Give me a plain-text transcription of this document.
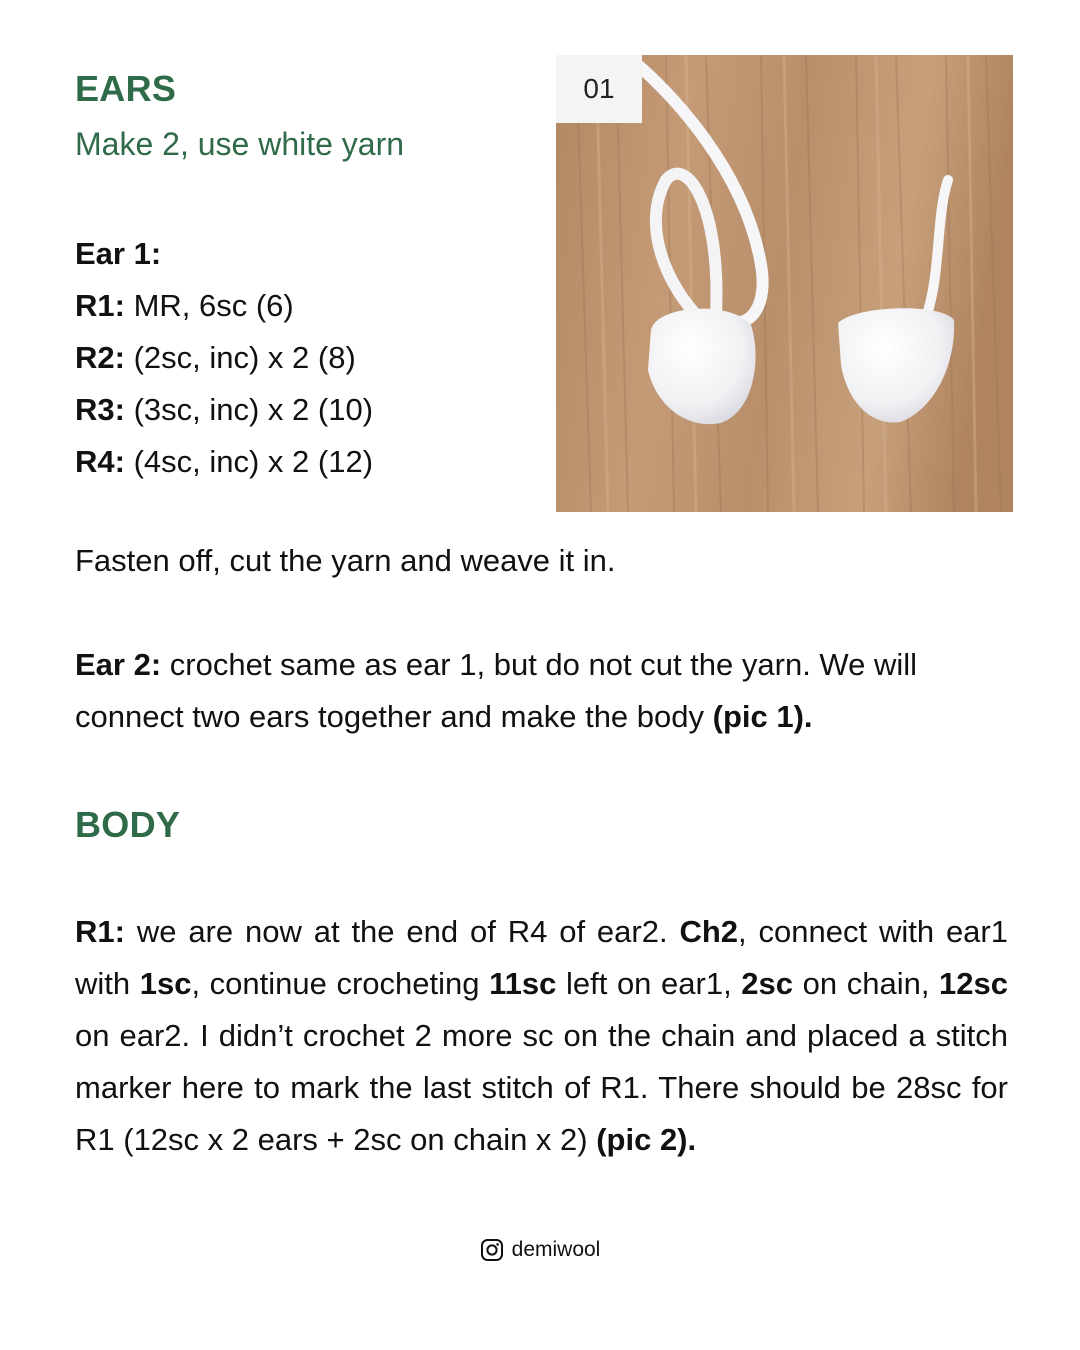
EARS

Make 2, use white yarn

Ear 1:
R1: MR, 6sc (6)
R2: (2sc, inc) x 2 (8)
R3: (3sc, inc) x 2 (10)
R4: (4sc, inc) x 2 (12)
01

Fasten off, cut the yarn and weave it in.

Ear 2: crochet same as ear 1, but do not cut the yarn. We will connect two ears together and make the body (pic 1).

BODY

R1: we are now at the end of R4 of ear2. Ch2, connect with ear1 with 1sc, continue crocheting 11sc left on ear1, 2sc on chain, 12sc on ear2. I didn’t crochet 2 more sc on the chain and placed a stitch marker here to mark the last stitch of R1. There should be 28sc for R1 (12sc x 2 ears + 2sc on chain x 2) (pic 2).

demiwool
